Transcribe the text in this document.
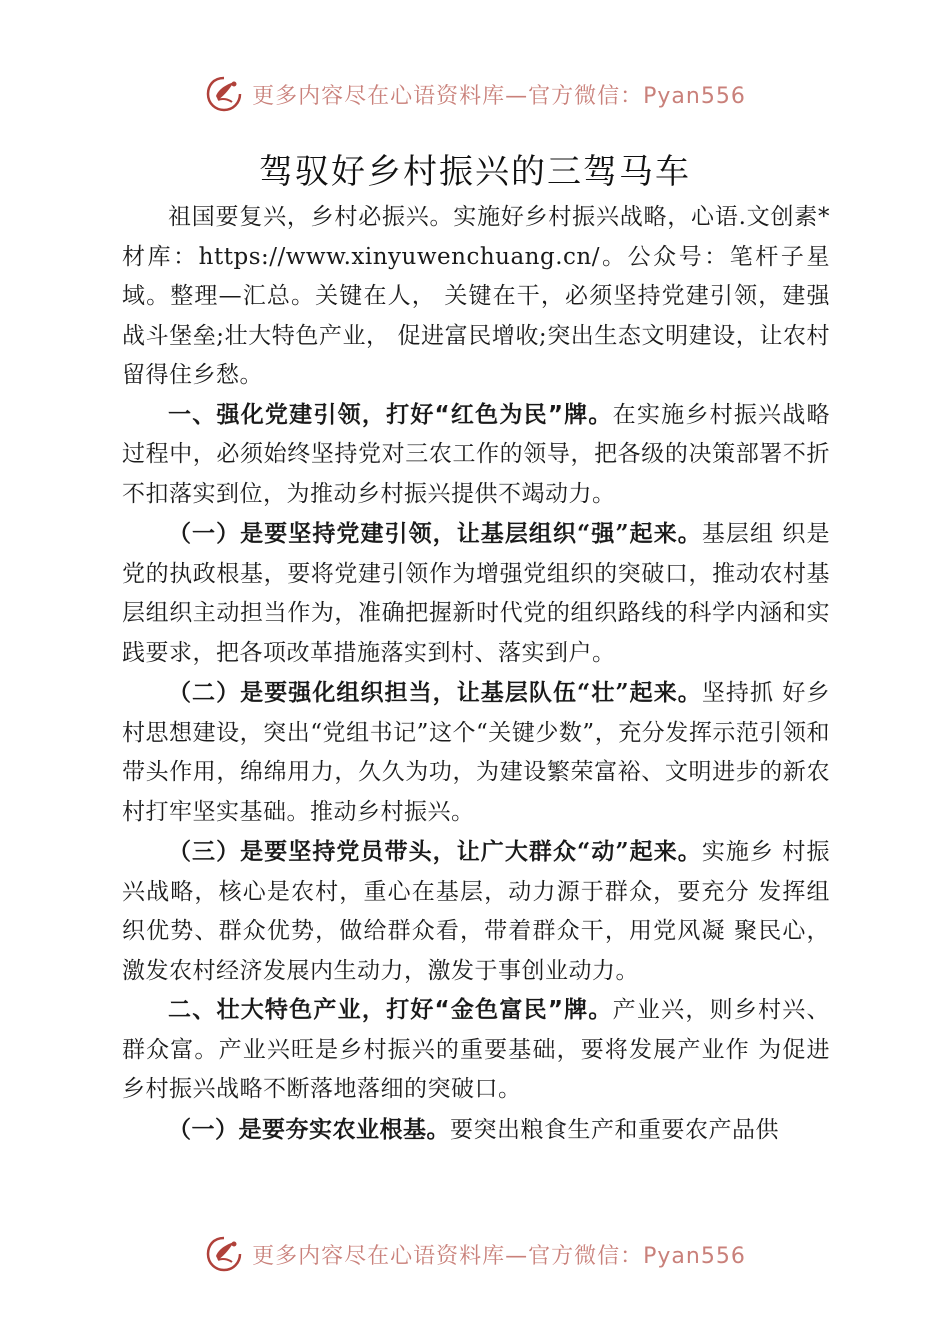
更多内容尽在心语资料库—官方微信：Pyan556
驾驭好乡村振兴的三驾马车

祖国要复兴，乡村必振兴。实施好乡村振兴战略，心语.文创素*材库：https://www.xinyuwenchuang.cn/。公众号：笔杆子星域。整理—汇总。关键在人， 关键在干，必须坚持党建引领，建强战斗堡垒;壮大特色产业， 促进富民增收;突出生态文明建设，让农村留得住乡愁。

一、强化党建引领，打好“红色为民”牌。在实施乡村振兴战略过程中，必须始终坚持党对三农工作的领导，把各级的决策部署不折不扣落实到位，为推动乡村振兴提供不竭动力。

（一）是要坚持党建引领，让基层组织“强”起来。基层组 织是党的执政根基，要将党建引领作为增强党组织的突破口，推动农村基层组织主动担当作为，准确把握新时代党的组织路线的科学内涵和实践要求，把各项改革措施落实到村、落实到户。

（二）是要强化组织担当，让基层队伍“壮”起来。坚持抓 好乡村思想建设，突出“党组书记”这个“关键少数”，充分发挥示范引领和带头作用，绵绵用力，久久为功，为建设繁荣富裕、文明进步的新农村打牢坚实基础。推动乡村振兴。

（三）是要坚持党员带头，让广大群众“动”起来。实施乡 村振兴战略，核心是农村，重心在基层，动力源于群众，要充分 发挥组织优势、群众优势，做给群众看，带着群众干，用党风凝 聚民心，激发农村经济发展内生动力，激发于事创业动力。

二、壮大特色产业，打好“金色富民”牌。产业兴，则乡村兴、群众富。产业兴旺是乡村振兴的重要基础，要将发展产业作 为促进乡村振兴战略不断落地落细的突破口。

（一）是要夯实农业根基。要突出粮食生产和重要农产品供

更多内容尽在心语资料库—官方微信：Pyan556
